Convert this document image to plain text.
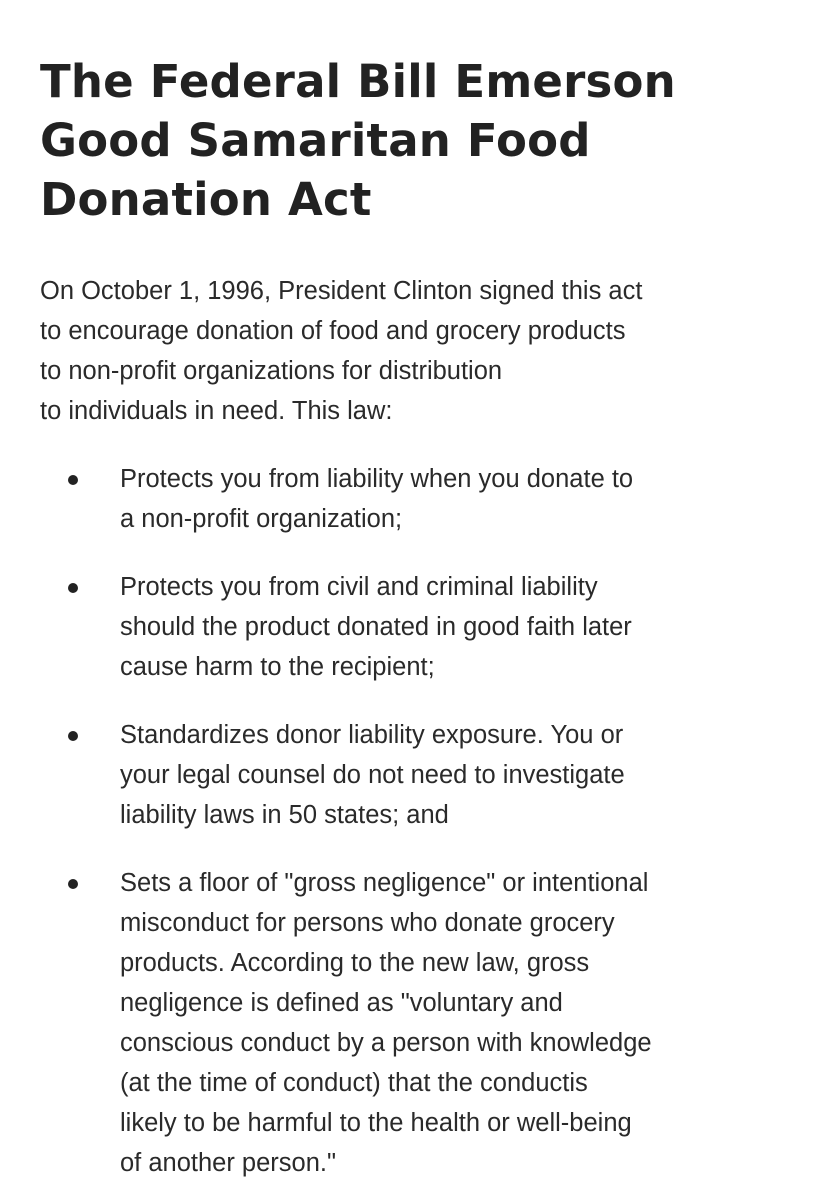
The Federal Bill Emerson
Good Samaritan Food
Donation Act

On October 1, 1996, President Clinton signed this act
to encourage donation of food and grocery products
to non-profit organizations for distribution
to individuals in need. This law:

Protects you from liability when you donate to
a non-profit organization;
Protects you from civil and criminal liability
should the product donated in good faith later
cause harm to the recipient;
Standardizes donor liability exposure. You or
your legal counsel do not need to investigate
liability laws in 50 states; and
Sets a floor of "gross negligence" or intentional
misconduct for persons who donate grocery
products. According to the new law, gross
negligence is defined as "voluntary and
conscious conduct by a person with knowledge
(at the time of conduct) that the conductis
likely to be harmful to the health or well-being
of another person."
